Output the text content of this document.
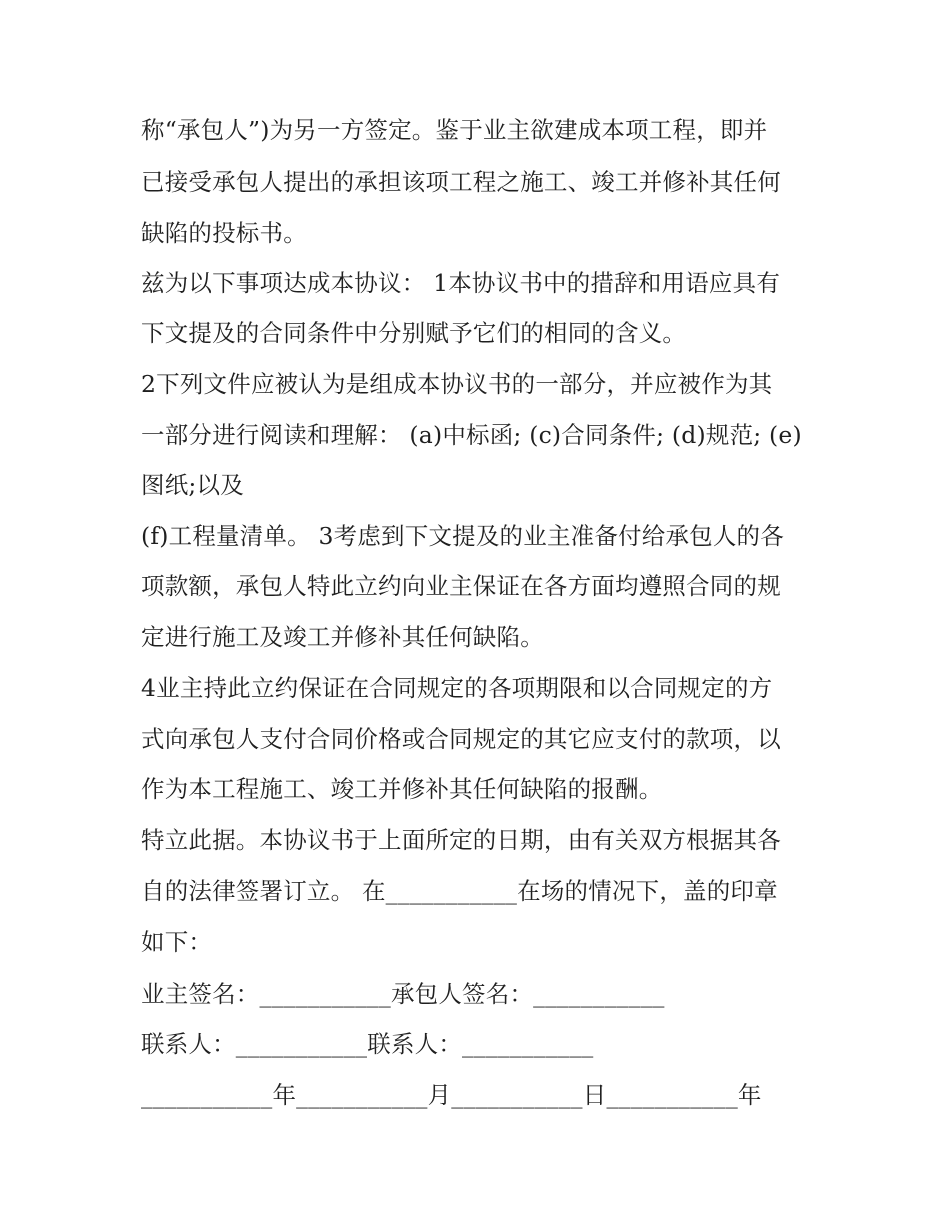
称“承包人”)为另一方签定。鉴于业主欲建成本项工程，即并
已接受承包人提出的承担该项工程之施工、竣工并修补其任何
缺陷的投标书。
兹为以下事项达成本协议： 1本协议书中的措辞和用语应具有
下文提及的合同条件中分别赋予它们的相同的含义。
2下列文件应被认为是组成本协议书的一部分，并应被作为其
一部分进行阅读和理解： (a)中标函; (c)合同条件; (d)规范; (e)
图纸;以及
(f)工程量清单。 3考虑到下文提及的业主准备付给承包人的各
项款额，承包人特此立约向业主保证在各方面均遵照合同的规
定进行施工及竣工并修补其任何缺陷。
4业主持此立约保证在合同规定的各项期限和以合同规定的方
式向承包人支付合同价格或合同规定的其它应支付的款项，以
作为本工程施工、竣工并修补其任何缺陷的报酬。
特立此据。本协议书于上面所定的日期，由有关双方根据其各
自的法律签署订立。 在___________在场的情况下，盖的印章
如下：
业主签名：___________承包人签名：___________
联系人：___________联系人：___________
___________年___________月___________日___________年
